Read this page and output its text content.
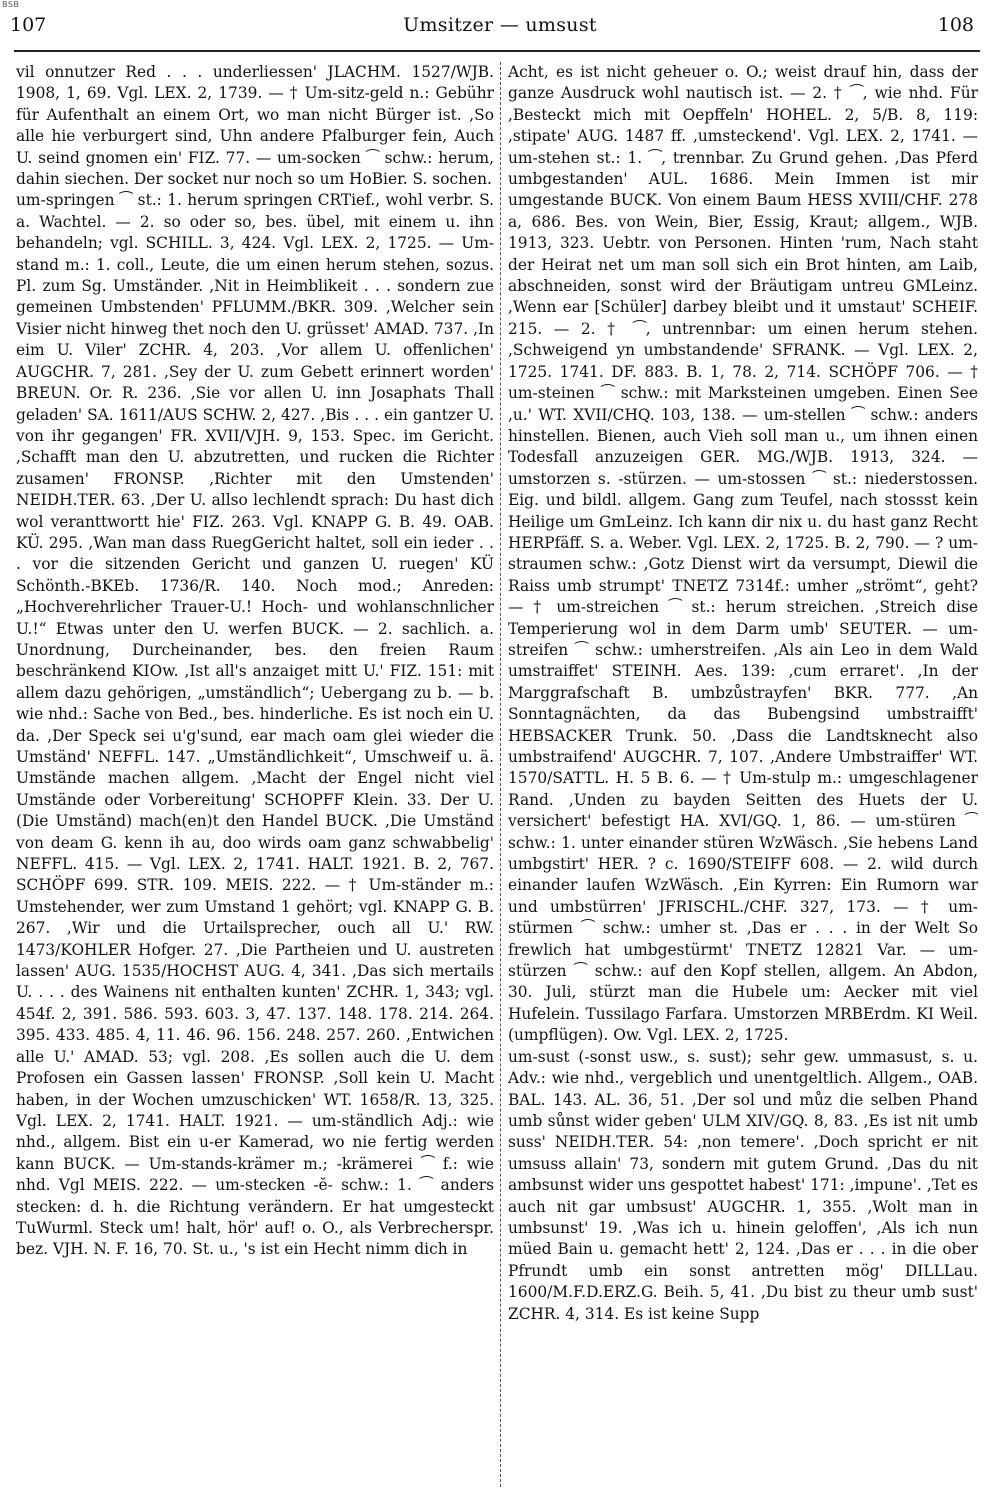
BSB
107	Umsitzer — umsust	108

vil onnutzer Red . . . underliessen' JLACHM. 1527/WJB. 1908, 1, 69. Vgl. LEX. 2, 1739. — † Um-sitz-geld n.: Gebühr für Aufenthalt an einem Ort, wo man nicht Bürger ist. ,So alle hie verburgert sind, Uhn andere Pfalburger fein, Auch U. seind gnomen ein' FIZ. 77. — um-socken ⁀ schw.: herum, dahin siechen. Der socket nur noch so um HoBier. S. sochen.

um-springen ⁀ st.: 1. herum springen CRTief., wohl verbr. S. a. Wachtel. — 2. so oder so, bes. übel, mit einem u. ihn behandeln; vgl. SCHILL. 3, 424. Vgl. LEX. 2, 1725. — Um-stand m.: 1. coll., Leute, die um einen herum stehen, sozus. Pl. zum Sg. Umständer. ,Nit in Heimblikeit . . . sondern zue gemeinen Umbstenden' PFLUMM./BKR. 309. ,Welcher sein Visier nicht hinweg thet noch den U. grüsset' AMAD. 737. ,In eim U. Viler' ZCHR. 4, 203. ,Vor allem U. offenlichen' AUGCHR. 7, 281. ,Sey der U. zum Gebett erinnert worden' BREUN. Or. R. 236. ,Sie vor allen U. inn Josaphats Thall geladen' SA. 1611/AUS SCHW. 2, 427. ,Bis . . . ein gantzer U. von ihr gegangen' FR. XVII/VJH. 9, 153. Spec. im Gericht. ,Schafft man den U. abzutretten, und rucken die Richter zusamen' FRONSP. ,Richter mit den Umstenden' NEIDH.TER. 63. ,Der U. allso lechlendt sprach: Du hast dich wol veranttwortt hie' FIZ. 263. Vgl. KNAPP G. B. 49. OAB. KÜ. 295. ,Wan man dass RuegGericht haltet, soll ein ieder . . . vor die sitzenden Gericht und ganzen U. ruegen' KÜ Schönth.-BKEb. 1736/R. 140. Noch mod.; Anreden: „Hochverehrlicher Trauer-U.! Hoch- und wohlanschnlicher U.!“ Etwas unter den U. werfen BUCK. — 2. sachlich. a. Unordnung, Durcheinander, bes. den freien Raum beschränkend KIOw. ,Ist all's anzaiget mitt U.' FIZ. 151: mit allem dazu gehörigen, „umständlich“; Uebergang zu b. — b. wie nhd.: Sache von Bed., bes. hinderliche. Es ist noch ein U. da. ,Der Speck sei u'g'sund, ear mach oam glei wieder die Umständ' NEFFL. 147. „Umständlichkeit“, Umschweif u. ä. Umstände machen allgem. ,Macht der Engel nicht viel Umstände oder Vorbereitung' SCHOPFF Klein. 33. Der U. (Die Umständ) mach(en)t den Handel BUCK. ,Die Umständ von deam G. kenn ih au, doo wirds oam ganz schwabbelig' NEFFL. 415. — Vgl. LEX. 2, 1741. HALT. 1921. B. 2, 767. SCHÖPF 699. STR. 109. MEIS. 222. — † Um-ständer m.: Umstehender, wer zum Umstand 1 gehört; vgl. KNAPP G. B. 267. ,Wir und die Urtailsprecher, ouch all U.' RW. 1473/KOHLER Hofger. 27. ,Die Partheien und U. austreten lassen' AUG. 1535/HOCHST AUG. 4, 341. ,Das sich mertails U. . . . des Wainens nit enthalten kunten' ZCHR. 1, 343; vgl. 454f. 2, 391. 586. 593. 603. 3, 47. 137. 148. 178. 214. 264. 395. 433. 485. 4, 11. 46. 96. 156. 248. 257. 260. ,Entwichen alle U.' AMAD. 53; vgl. 208. ,Es sollen auch die U. dem Profosen ein Gassen lassen' FRONSP. ,Soll kein U. Macht haben, in der Wochen umzuschicken' WT. 1658/R. 13, 325. Vgl. LEX. 2, 1741. HALT. 1921. — um-ständlich Adj.: wie nhd., allgem. Bist ein u-er Kamerad, wo nie fertig werden kann BUCK. — Um-stands-krämer m.; -krämerei ⁀ f.: wie nhd. Vgl MEIS. 222. — um-stecken -ĕ- schw.: 1. ⁀ anders stecken: d. h. die Richtung verändern. Er hat umgesteckt TuWurml. Steck um! halt, hör' auf! o. O., als Verbrecherspr. bez. VJH. N. F. 16, 70. St. u., 's ist ein Hecht nimm dich in

Acht, es ist nicht geheuer o. O.; weist drauf hin, dass der ganze Ausdruck wohl nautisch ist. — 2. † ⁀, wie nhd. Für ,Besteckt mich mit Oepffeln' HOHEL. 2, 5/B. 8, 119: ,stipate' AUG. 1487 ff. ,umsteckend'. Vgl. LEX. 2, 1741. — um-stehen st.: 1. ⁀, trennbar. Zu Grund gehen. ,Das Pferd umbgestanden' AUL. 1686. Mein Immen ist mir umgestande BUCK. Von einem Baum HESS XVIII/CHF. 278 a, 686. Bes. von Wein, Bier, Essig, Kraut; allgem., WJB. 1913, 323. Uebtr. von Personen. Hinten 'rum, Nach staht der Heirat net um man soll sich ein Brot hinten, am Laib, abschneiden, sonst wird der Bräutigam untreu GMLeinz. ,Wenn ear [Schüler] darbey bleibt und it umstaut' SCHEIF. 215. — 2. † ⁀, untrennbar: um einen herum stehen. ,Schweigend yn umbstandende' SFRANK. — Vgl. LEX. 2, 1725. 1741. DF. 883. B. 1, 78. 2, 714. SCHÖPF 706. — † um-steinen ⁀ schw.: mit Marksteinen umgeben. Einen See ,u.' WT. XVII/CHQ. 103, 138. — um-stellen ⁀ schw.: anders hinstellen. Bienen, auch Vieh soll man u., um ihnen einen Todesfall anzuzeigen GER. MG./WJB. 1913, 324. — umstorzen s. -stürzen. — um-stossen ⁀ st.: niederstossen. Eig. und bildl. allgem. Gang zum Teufel, nach stossst kein Heilige um GmLeinz. Ich kann dir nix u. du hast ganz Recht HERPfäff. S. a. Weber. Vgl. LEX. 2, 1725. B. 2, 790. — ? um-straumen schw.: ,Gotz Dienst wirt da versumpt, Diewil die Raiss umb strumpt' TNETZ 7314f.: umher „strömt“, geht? — † um-streichen ⁀ st.: herum streichen. ,Streich dise Temperierung wol in dem Darm umb' SEUTER. — um-streifen ⁀ schw.: umherstreifen. ,Als ain Leo in dem Wald umstraiffet' STEINH. Aes. 139: ,cum erraret'. ,In der Marggrafschaft B. umbzůstrayfen' BKR. 777. ,An Sonntagnächten, da das Bubengsind umbstraifft' HEBSACKER Trunk. 50. ,Dass die Landtsknecht also umbstraifend' AUGCHR. 7, 107. ,Andere Umbstraiffer' WT. 1570/SATTL. H. 5 B. 6. — † Um-stulp m.: umgeschlagener Rand. ,Unden zu bayden Seitten des Huets der U. versichert' befestigt HA. XVI/GQ. 1, 86. — um-stüren ⁀ schw.: 1. unter einander stüren WzWäsch. ,Sie hebens Land umbgstirt' HER. ? c. 1690/STEIFF 608. — 2. wild durch einander laufen WzWäsch. ,Ein Kyrren: Ein Rumorn war und umbstürren' JFRISCHL./CHF. 327, 173. — † um-stürmen ⁀ schw.: umher st. ,Das er . . . in der Welt So frewlich hat umbgestürmt' TNETZ 12821 Var. — um-stürzen ⁀ schw.: auf den Kopf stellen, allgem. An Abdon, 30. Juli, stürzt man die Hubele um: Aecker mit viel Hufelein. Tussilago Farfara. Umstorzen MRBErdm. KI Weil. (umpflügen). Ow. Vgl. LEX. 2, 1725.

um-sust (-sonst usw., s. sust); sehr gew. ummasust, s. u. Adv.: wie nhd., vergeblich und unentgeltlich. Allgem., OAB. BAL. 143. AL. 36, 51. ,Der sol und můz die selben Phand umb sůnst wider geben' ULM XIV/GQ. 8, 83. ,Es ist nit umb suss' NEIDH.TER. 54: ,non temere'. ,Doch spricht er nit umsuss allain' 73, sondern mit gutem Grund. ,Das du nit ambsunst wider uns gespottet habest' 171: ,impune'. ,Tet es auch nit gar umbsust' AUGCHR. 1, 355. ,Wolt man in umbsunst' 19. ,Was ich u. hinein geloffen', ,Als ich nun müed Bain u. gemacht hett' 2, 124. ,Das er . . . in die ober Pfrundt umb ein sonst antretten mög' DILLLau. 1600/M.F.D.ERZ.G. Beih. 5, 41. ,Du bist zu theur umb sust' ZCHR. 4, 314. Es ist keine Supp
